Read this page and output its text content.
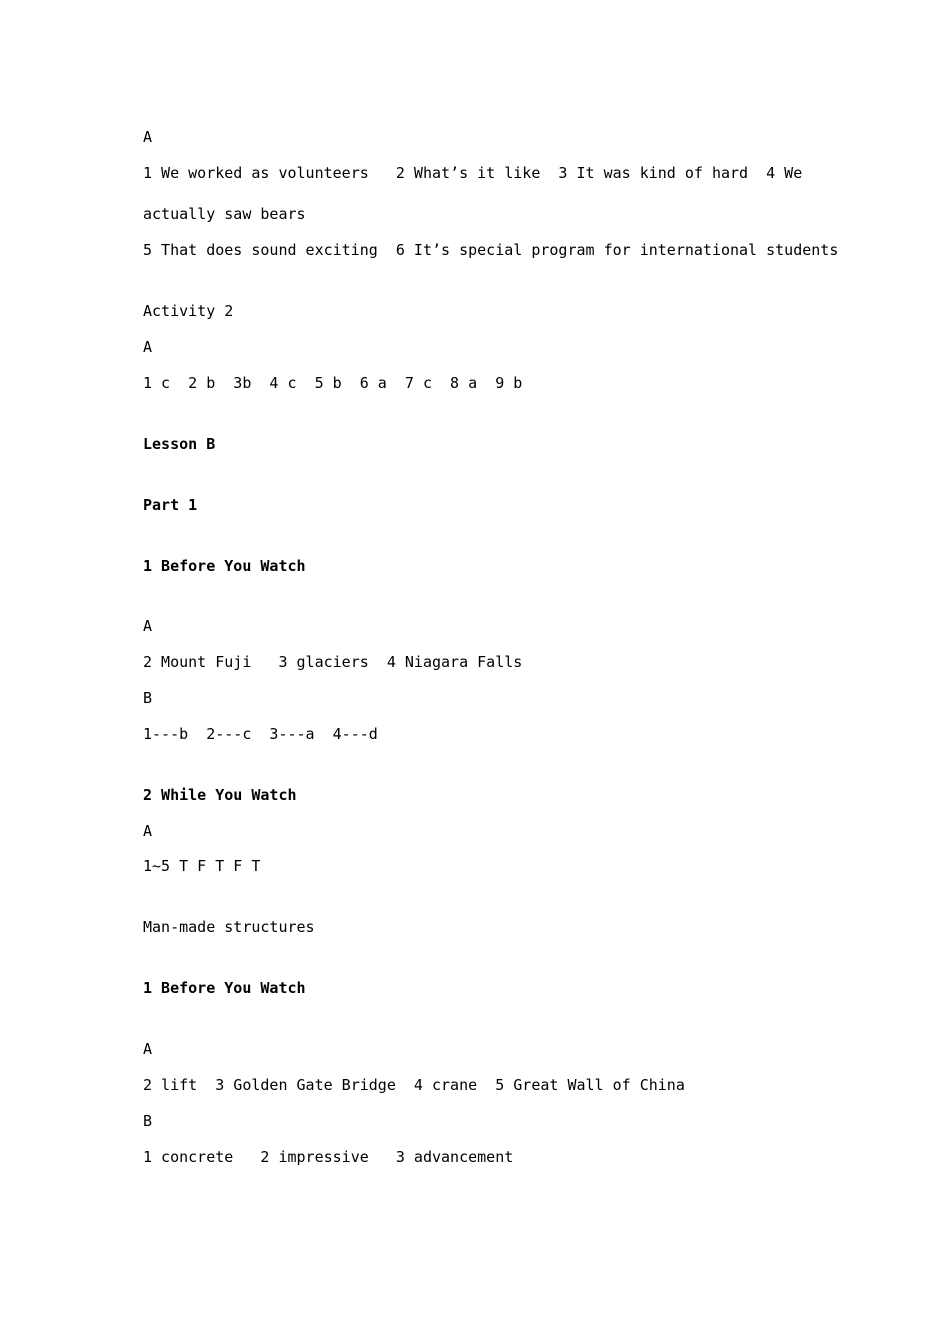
A
1 We worked as volunteers   2 What’s it like  3 It was kind of hard  4 We
actually saw bears
5 That does sound exciting  6 It’s special program for international students
Activity 2
A
1 c  2 b  3b  4 c  5 b  6 a  7 c  8 a  9 b
Lesson B
Part 1
1 Before You Watch
A
2 Mount Fuji   3 glaciers  4 Niagara Falls
B
1---b  2---c  3---a  4---d
2 While You Watch
A
1~5 T F T F T
Man-made structures
1 Before You Watch
A
2 lift  3 Golden Gate Bridge  4 crane  5 Great Wall of China
B
1 concrete   2 impressive   3 advancement
